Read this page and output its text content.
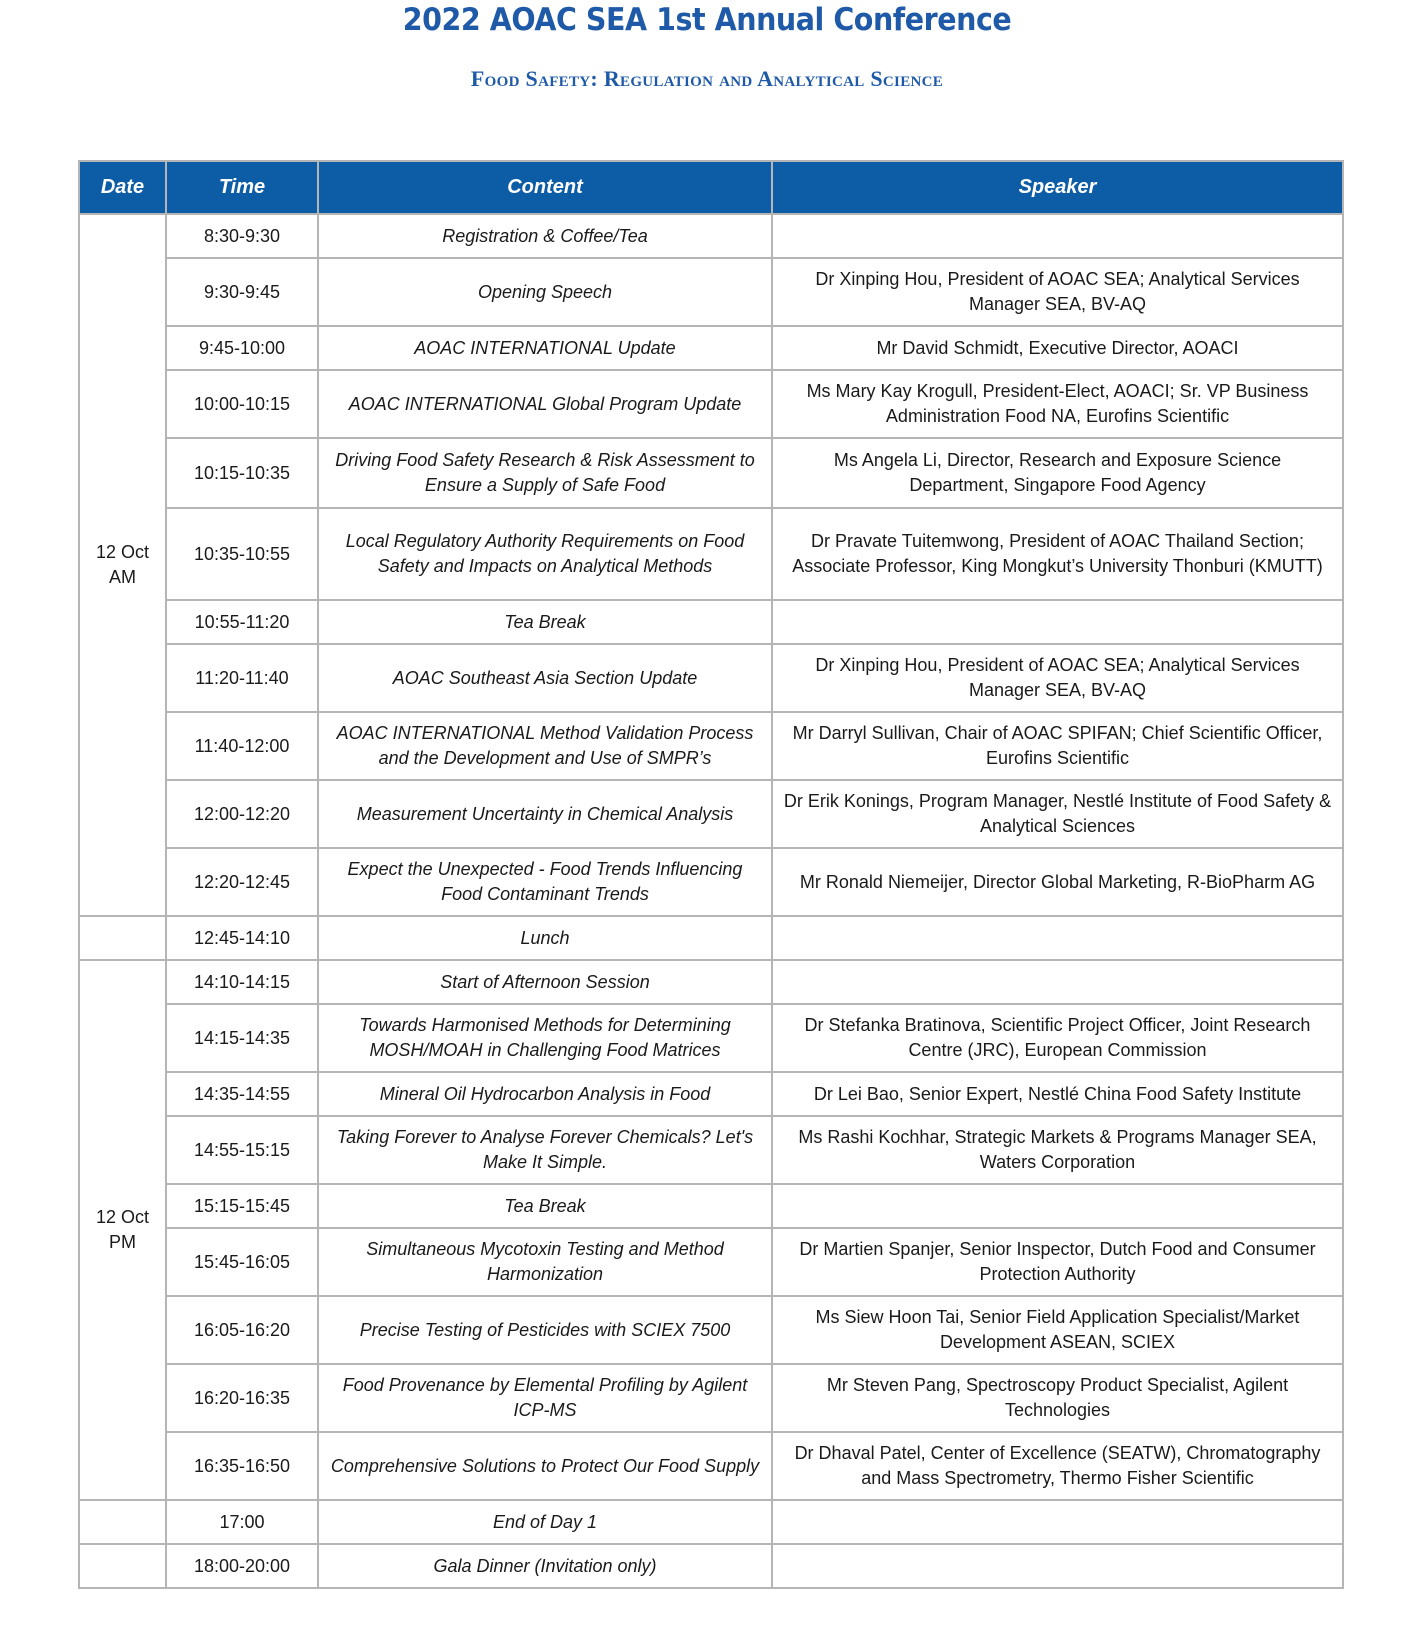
2022 AOAC SEA 1st Annual Conference
Food Safety: Regulation and Analytical Science
Date	Time	Content	Speaker
12 Oct AM	8:30-9:30	Registration & Coffee/Tea	
	9:30-9:45	Opening Speech	Dr Xinping Hou, President of AOAC SEA; Analytical Services Manager SEA, BV-AQ
	9:45-10:00	AOAC INTERNATIONAL Update	Mr David Schmidt, Executive Director, AOACI
	10:00-10:15	AOAC INTERNATIONAL Global Program Update	Ms Mary Kay Krogull, President-Elect, AOACI; Sr. VP Business Administration Food NA, Eurofins Scientific
	10:15-10:35	Driving Food Safety Research & Risk Assessment to Ensure a Supply of Safe Food	Ms Angela Li, Director, Research and Exposure Science Department, Singapore Food Agency
	10:35-10:55	Local Regulatory Authority Requirements on Food Safety and Impacts on Analytical Methods	Dr Pravate Tuitemwong, President of AOAC Thailand Section; Associate Professor, King Mongkut’s University Thonburi (KMUTT)
	10:55-11:20	Tea Break	
	11:20-11:40	AOAC Southeast Asia Section Update	Dr Xinping Hou, President of AOAC SEA; Analytical Services Manager SEA, BV-AQ
	11:40-12:00	AOAC INTERNATIONAL Method Validation Process and the Development and Use of SMPR’s	Mr Darryl Sullivan, Chair of AOAC SPIFAN; Chief Scientific Officer, Eurofins Scientific
	12:00-12:20	Measurement Uncertainty in Chemical Analysis	Dr Erik Konings, Program Manager, Nestlé Institute of Food Safety & Analytical Sciences
	12:20-12:45	Expect the Unexpected - Food Trends Influencing Food Contaminant Trends	Mr Ronald Niemeijer, Director Global Marketing, R-BioPharm AG
	12:45-14:10	Lunch	
12 Oct PM	14:10-14:15	Start of Afternoon Session	
	14:15-14:35	Towards Harmonised Methods for Determining MOSH/MOAH in Challenging Food Matrices	Dr Stefanka Bratinova, Scientific Project Officer, Joint Research Centre (JRC), European Commission
	14:35-14:55	Mineral Oil Hydrocarbon Analysis in Food	Dr Lei Bao, Senior Expert, Nestlé China Food Safety Institute
	14:55-15:15	Taking Forever to Analyse Forever Chemicals? Let's Make It Simple.	Ms Rashi Kochhar, Strategic Markets & Programs Manager SEA, Waters Corporation
	15:15-15:45	Tea Break	
	15:45-16:05	Simultaneous Mycotoxin Testing and Method Harmonization	Dr Martien Spanjer, Senior Inspector, Dutch Food and Consumer Protection Authority
	16:05-16:20	Precise Testing of Pesticides with SCIEX 7500	Ms Siew Hoon Tai, Senior Field Application Specialist/Market Development ASEAN, SCIEX
	16:20-16:35	Food Provenance by Elemental Profiling by Agilent ICP-MS	Mr Steven Pang, Spectroscopy Product Specialist, Agilent Technologies
	16:35-16:50	Comprehensive Solutions to Protect Our Food Supply	Dr Dhaval Patel, Center of Excellence (SEATW), Chromatography and Mass Spectrometry, Thermo Fisher Scientific
	17:00	End of Day 1	
	18:00-20:00	Gala Dinner (Invitation only)	
